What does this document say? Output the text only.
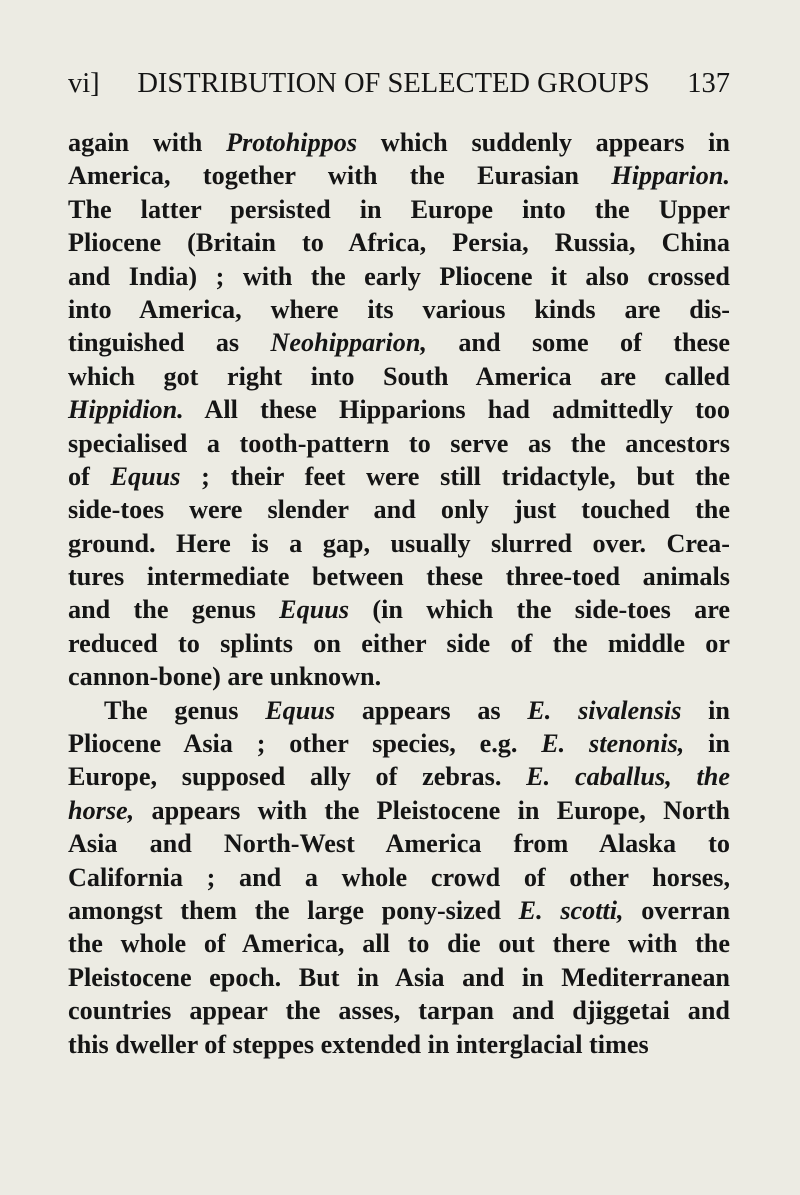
vi] DISTRIBUTION OF SELECTED GROUPS 137
again with Protohippos which suddenly appears in
America, together with the Eurasian Hipparion.
The latter persisted in Europe into the Upper
Pliocene (Britain to Africa, Persia, Russia, China
and India) ; with the early Pliocene it also crossed
into America, where its various kinds are dis-
tinguished as Neohipparion, and some of these
which got right into South America are called
Hippidion. All these Hipparions had admittedly too
specialised a tooth-pattern to serve as the ancestors
of Equus ; their feet were still tridactyle, but the
side-toes were slender and only just touched the
ground. Here is a gap, usually slurred over. Crea-
tures intermediate between these three-toed animals
and the genus Equus (in which the side-toes are
reduced to splints on either side of the middle or
cannon-bone) are unknown.
The genus Equus appears as E. sivalensis in
Pliocene Asia ; other species, e.g. E. stenonis, in
Europe, supposed ally of zebras. E. caballus, the
horse, appears with the Pleistocene in Europe, North
Asia and North-West America from Alaska to
California ; and a whole crowd of other horses,
amongst them the large pony-sized E. scotti, overran
the whole of America, all to die out there with the
Pleistocene epoch. But in Asia and in Mediterranean
countries appear the asses, tarpan and djiggetai and
this dweller of steppes extended in interglacial times
